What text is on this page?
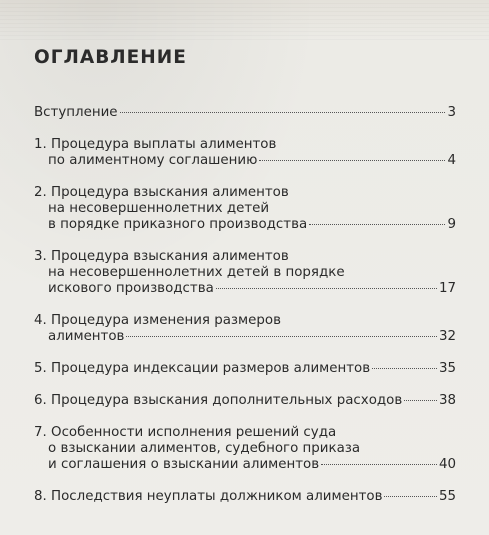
ОГЛАВЛЕНИЕ
Вступление	3
1. Процедура выплаты алиментов
по алиментному соглашению	4
2. Процедура взыскания алиментов
на несовершеннолетних детей
в порядке приказного производства	9
3. Процедура взыскания алиментов
на несовершеннолетних детей в порядке
искового производства	17
4. Процедура изменения размеров
алиментов	32
5. Процедура индексации размеров алиментов	35
6. Процедура взыскания дополнительных расходов	38
7. Особенности исполнения решений суда
о взыскании алиментов, судебного приказа
и соглашения о взыскании алиментов	40
8. Последствия неуплаты должником алиментов	55
